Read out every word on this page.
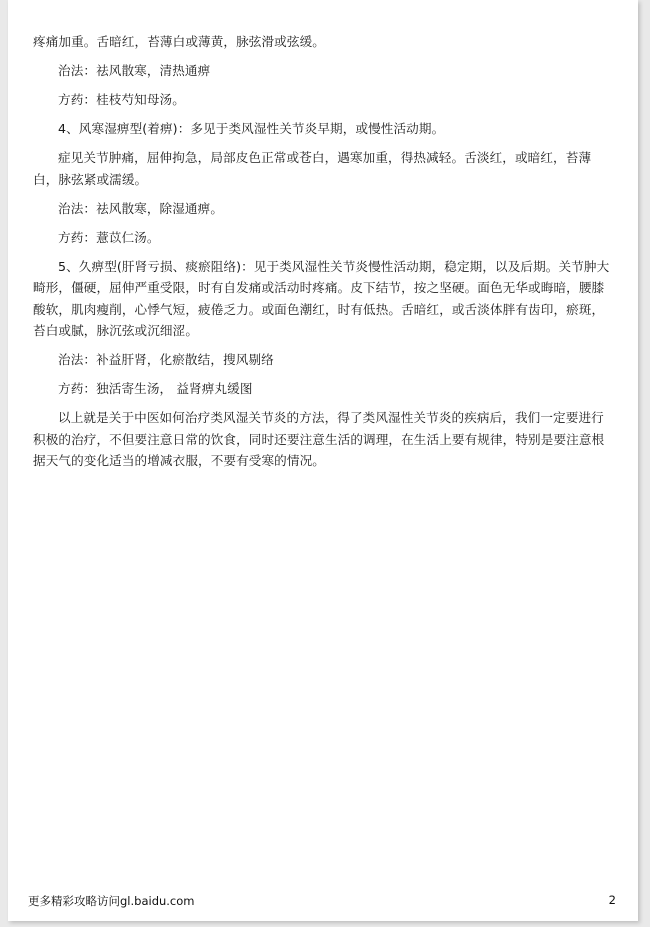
疼痛加重。舌暗红，苔薄白或薄黄，脉弦滑或弦缓。

治法：祛风散寒，清热通痹

方药：桂枝芍知母汤。

4、风寒湿痹型(着痹)：多见于类风湿性关节炎早期，或慢性活动期。

症见关节肿痛，屈伸拘急，局部皮色正常或苍白，遇寒加重，得热减轻。舌淡红，或暗红，苔薄白，脉弦紧或濡缓。

治法：祛风散寒，除湿通痹。

方药：薏苡仁汤。

5、久痹型(肝肾亏损、痰瘀阻络)：见于类风湿性关节炎慢性活动期，稳定期，以及后期。关节肿大畸形，僵硬，屈伸严重受限，时有自发痛或活动时疼痛。皮下结节，按之坚硬。面色无华或晦暗，腰膝酸软，肌肉瘦削，心悸气短，疲倦乏力。或面色潮红，时有低热。舌暗红，或舌淡体胖有齿印，瘀斑，苔白或腻，脉沉弦或沉细涩。

治法：补益肝肾，化瘀散结，搜风剔络

方药：独活寄生汤， 益肾痹丸缓图

以上就是关于中医如何治疗类风湿关节炎的方法，得了类风湿性关节炎的疾病后，我们一定要进行积极的治疗，不但要注意日常的饮食，同时还要注意生活的调理，在生活上要有规律，特别是要注意根据天气的变化适当的增减衣服，不要有受寒的情况。

更多精彩攻略访问gl.baidu.com	2
